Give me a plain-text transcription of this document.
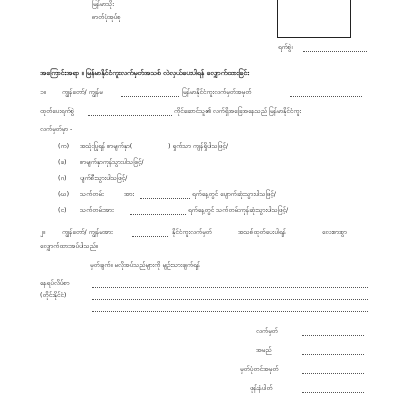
မြန်မာသိုး
ဓာတ်ပုံအုပ်စု
ရက်စွဲ၊
အကြောင်းအရာ ။ မြန်မာနိုင်ငံကူးလက်မှတ်အသစ် လဲလှယ်ပေးပါရန် လျှောက်ထားခြင်း
၁။	ကျွန်တော်/ ကျွန်မ	မြန်မာနိုင်ငံကူးလက်မှတ်အမှတ်
ထုတ်ပေးရက်စွဲ	ကိုင်ဆောင်သူ၏ လက်ရှိအခြေအနေသည် မြန်မာနိုင်ငံကူး
လက်မှတ်မှာ -
(က) အသုံးပြုရန် စာမျက်နှာ(	) ရှက်သာ ကျန်ရှိပါသဖြင့်/
(ခ) စာမျက်နှာကုန်သွားပါသဖြင့်/
(ဂ) ပျက်စီးသွားပါသဖြင့်/
(ဃ) သက်တမ်း	အား	ရက်နေ့တွင် ပျောက်ဆုံးသွားပါသဖြင့်/
(င) သက်တမ်းအား	ရက်နေ့တွင် သက်တမ်းကုန်ဆုံးသွားပါသဖြင့်/
၂။	ကျွန်တော်/ ကျွန်မအား	နိုင်ငံကူးလက်မှတ်	အသစ်ထုတ်ပေးပါရန်	လေးစားစွာ
လျှောက်ထားအပ်ပါသည်။
မှတ်ချက်။ မလိုအပ်သည်များကို မျဉ်းသားဖျက်ရန်
နေရပ်လိပ်စာ
(တိုင်းနိုင်ငံ)
လက်မှတ်
အမည်
မှတ်ပုံတင်အမှတ်
ဖုန်းနံပါတ်
